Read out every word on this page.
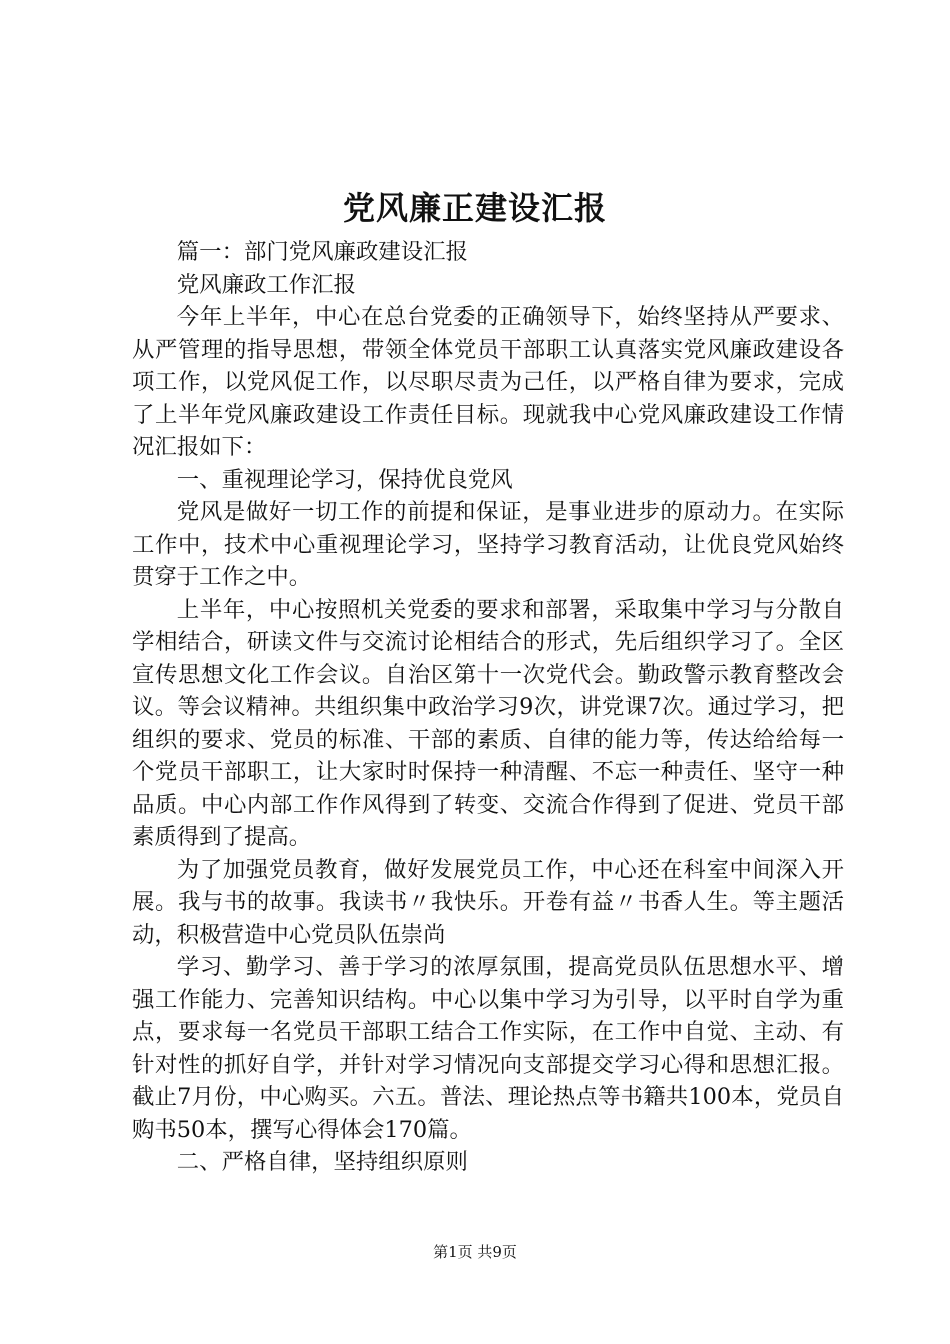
党风廉正建设汇报

篇一：部门党风廉政建设汇报

党风廉政工作汇报

今年上半年，中心在总台党委的正确领导下，始终坚持从严要求、从严管理的指导思想，带领全体党员干部职工认真落实党风廉政建设各项工作，以党风促工作，以尽职尽责为己任，以严格自律为要求，完成了上半年党风廉政建设工作责任目标。现就我中心党风廉政建设工作情况汇报如下：

一、重视理论学习，保持优良党风

党风是做好一切工作的前提和保证，是事业进步的原动力。在实际工作中，技术中心重视理论学习，坚持学习教育活动，让优良党风始终贯穿于工作之中。

上半年，中心按照机关党委的要求和部署，采取集中学习与分散自学相结合，研读文件与交流讨论相结合的形式，先后组织学习了。全区宣传思想文化工作会议。自治区第十一次党代会。勤政警示教育整改会议。等会议精神。共组织集中政治学习9次，讲党课7次。通过学习，把组织的要求、党员的标准、干部的素质、自律的能力等，传达给给每一个党员干部职工，让大家时时保持一种清醒、不忘一种责任、坚守一种品质。中心内部工作作风得到了转变、交流合作得到了促进、党员干部素质得到了提高。

为了加强党员教育，做好发展党员工作，中心还在科室中间深入开展。我与书的故事。我读书〃我快乐。开卷有益〃书香人生。等主题活动，积极营造中心党员队伍崇尚

学习、勤学习、善于学习的浓厚氛围，提高党员队伍思想水平、增强工作能力、完善知识结构。中心以集中学习为引导，以平时自学为重点，要求每一名党员干部职工结合工作实际，在工作中自觉、主动、有针对性的抓好自学，并针对学习情况向支部提交学习心得和思想汇报。截止7月份，中心购买。六五。普法、理论热点等书籍共100本，党员自购书50本，撰写心得体会170篇。

二、严格自律，坚持组织原则

第1页 共9页
